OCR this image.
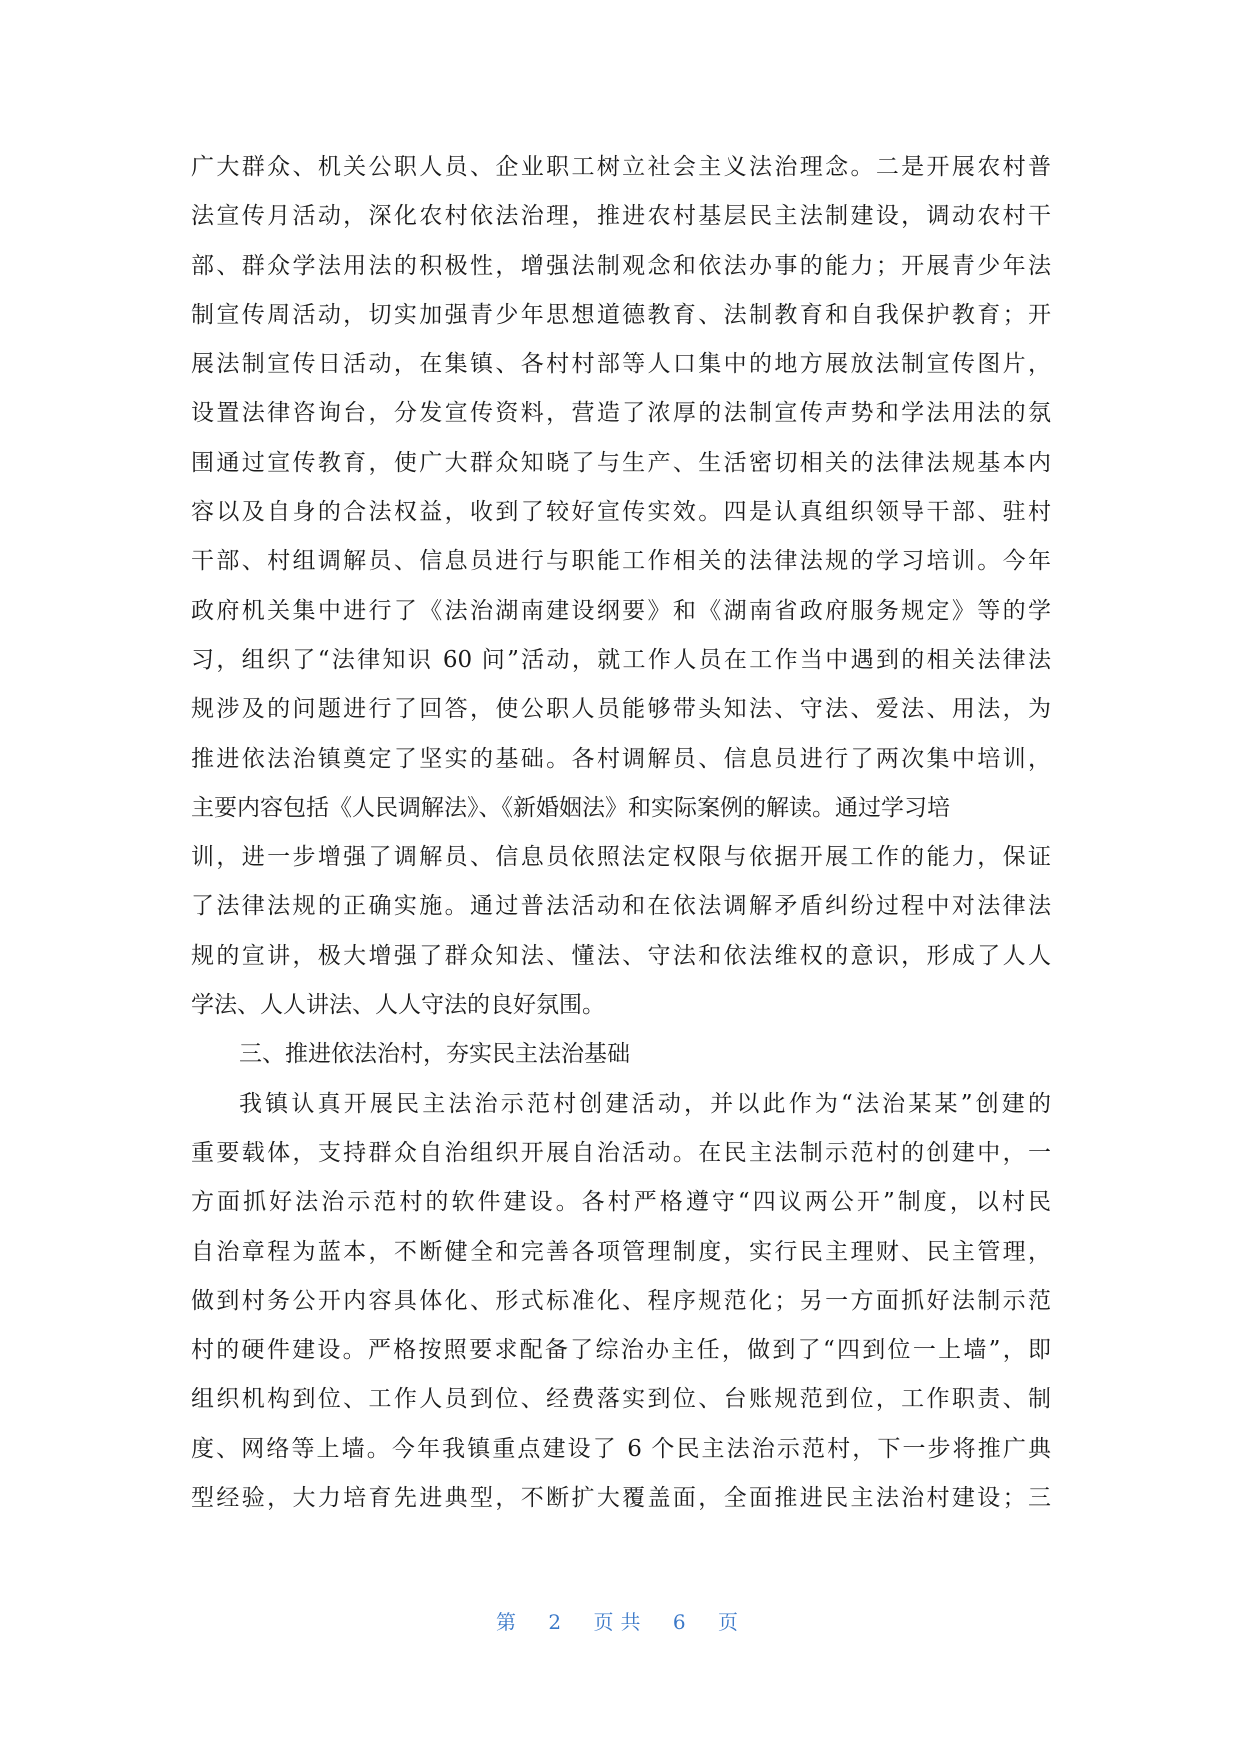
广大群众、机关公职人员、企业职工树立社会主义法治理念。二是开展农村普
法宣传月活动，深化农村依法治理，推进农村基层民主法制建设，调动农村干
部、群众学法用法的积极性，增强法制观念和依法办事的能力；开展青少年法
制宣传周活动，切实加强青少年思想道德教育、法制教育和自我保护教育；开
展法制宣传日活动，在集镇、各村村部等人口集中的地方展放法制宣传图片，
设置法律咨询台，分发宣传资料，营造了浓厚的法制宣传声势和学法用法的氛
围通过宣传教育，使广大群众知晓了与生产、生活密切相关的法律法规基本内
容以及自身的合法权益，收到了较好宣传实效。四是认真组织领导干部、驻村
干部、村组调解员、信息员进行与职能工作相关的法律法规的学习培训。今年
政府机关集中进行了《法治湖南建设纲要》和《湖南省政府服务规定》等的学
习，组织了“法律知识 60 问”活动，就工作人员在工作当中遇到的相关法律法
规涉及的问题进行了回答，使公职人员能够带头知法、守法、爱法、用法，为
推进依法治镇奠定了坚实的基础。各村调解员、信息员进行了两次集中培训，
主要内容包括《人民调解法》、《新婚姻法》和实际案例的解读。通过学习培
训，进一步增强了调解员、信息员依照法定权限与依据开展工作的能力，保证
了法律法规的正确实施。通过普法活动和在依法调解矛盾纠纷过程中对法律法
规的宣讲，极大增强了群众知法、懂法、守法和依法维权的意识，形成了人人
学法、人人讲法、人人守法的良好氛围。
三、推进依法治村，夯实民主法治基础
我镇认真开展民主法治示范村创建活动，并以此作为“法治某某”创建的
重要载体，支持群众自治组织开展自治活动。在民主法制示范村的创建中，一
方面抓好法治示范村的软件建设。各村严格遵守“四议两公开”制度，以村民
自治章程为蓝本，不断健全和完善各项管理制度，实行民主理财、民主管理，
做到村务公开内容具体化、形式标准化、程序规范化；另一方面抓好法制示范
村的硬件建设。严格按照要求配备了综治办主任，做到了“四到位一上墙”，即
组织机构到位、工作人员到位、经费落实到位、台账规范到位，工作职责、制
度、网络等上墙。今年我镇重点建设了 6 个民主法治示范村，下一步将推广典
型经验，大力培育先进典型，不断扩大覆盖面，全面推进民主法治村建设；三
第 2 页共 6 页
